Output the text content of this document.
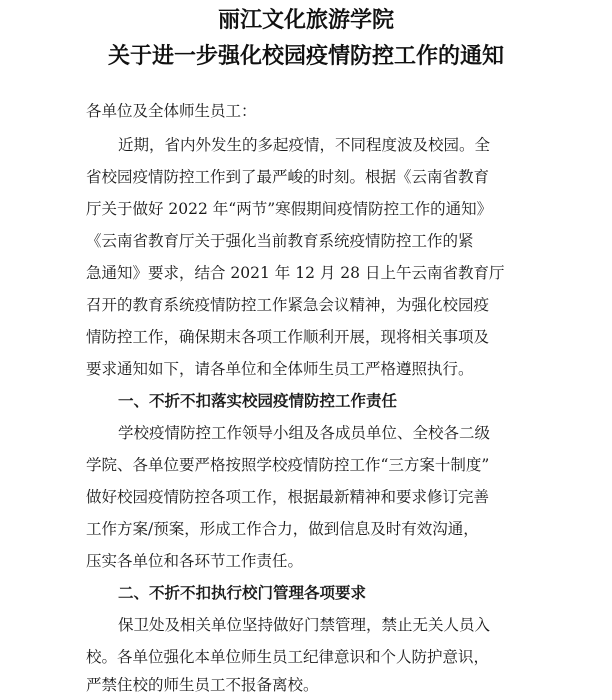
丽江文化旅游学院
关于进一步强化校园疫情防控工作的通知
各单位及全体师生员工：
近期，省内外发生的多起疫情，不同程度波及校园。全
省校园疫情防控工作到了最严峻的时刻。根据《云南省教育
厅关于做好 2022 年“两节”寒假期间疫情防控工作的通知》
《云南省教育厅关于强化当前教育系统疫情防控工作的紧
急通知》要求，结合 2021 年 12 月 28 日上午云南省教育厅
召开的教育系统疫情防控工作紧急会议精神，为强化校园疫
情防控工作，确保期末各项工作顺利开展，现将相关事项及
要求通知如下，请各单位和全体师生员工严格遵照执行。
一、不折不扣落实校园疫情防控工作责任
学校疫情防控工作领导小组及各成员单位、全校各二级
学院、各单位要严格按照学校疫情防控工作“三方案十制度”
做好校园疫情防控各项工作，根据最新精神和要求修订完善
工作方案/预案，形成工作合力，做到信息及时有效沟通，
压实各单位和各环节工作责任。
二、不折不扣执行校门管理各项要求
保卫处及相关单位坚持做好门禁管理，禁止无关人员入
校。各单位强化本单位师生员工纪律意识和个人防护意识，
严禁住校的师生员工不报备离校。
